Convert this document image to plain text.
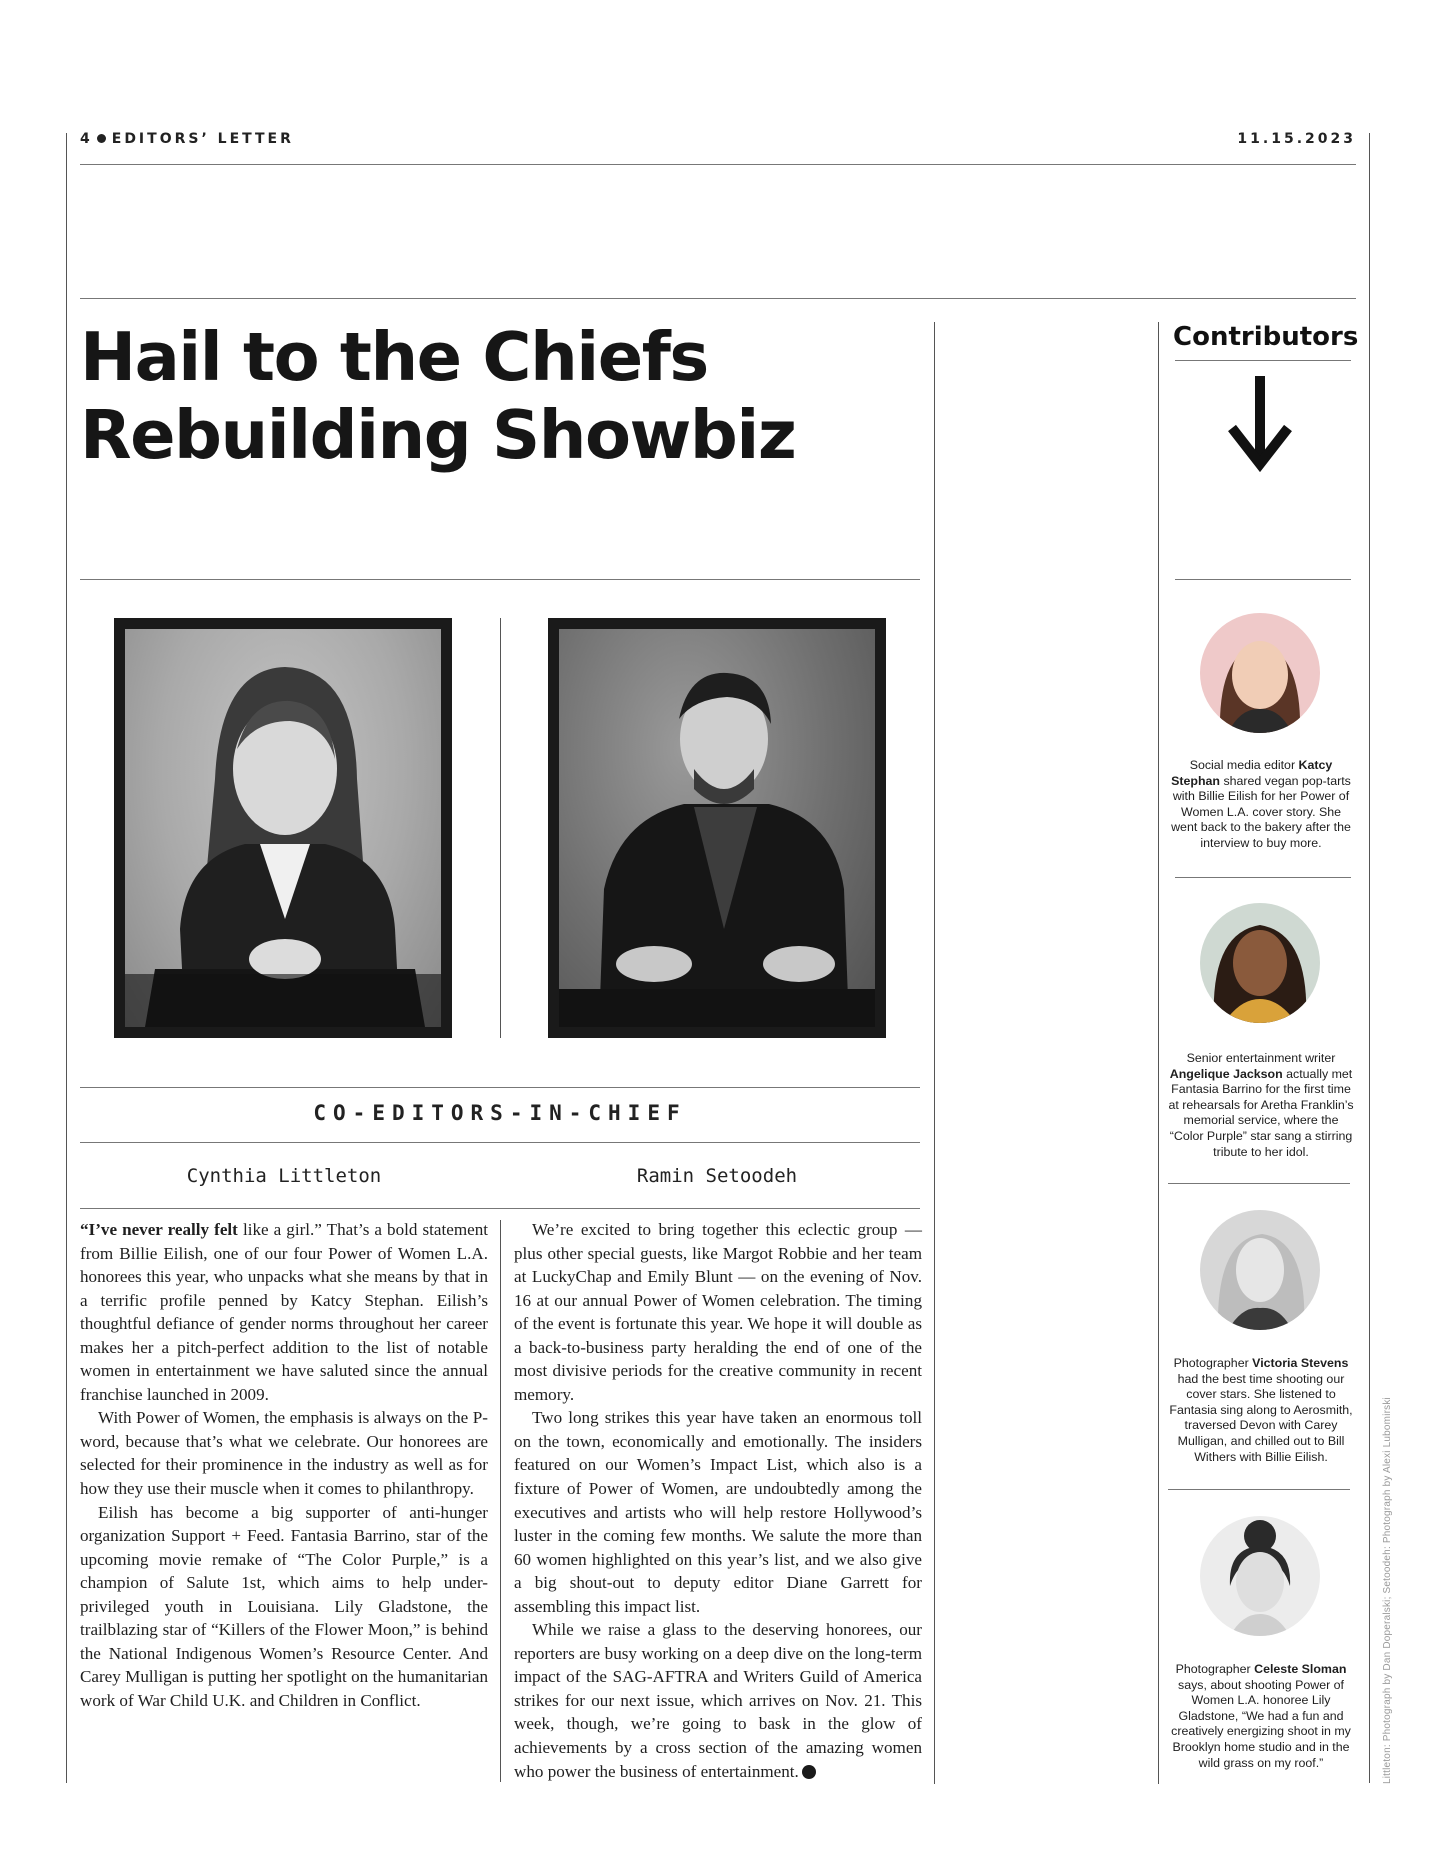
4 EDITORS’ LETTER	11.15.2023
Hail to the Chiefs
Rebuilding Showbiz
CO-EDITORS-IN-CHIEF
Cynthia Littleton	Ramin Setoodeh

“I’ve never really felt like a girl.” That’s a bold statement from Billie Eilish, one of our four Power of Women L.A. honorees this year, who unpacks what she means by that in a terrific profile penned by Katcy Stephan. Eilish’s thoughtful defiance of gender norms throughout her career makes her a pitch-perfect addition to the list of notable women in entertainment we have saluted since the annual franchise launched in 2009.

With Power of Women, the emphasis is always on the P-word, because that’s what we celebrate. Our honorees are selected for their prominence in the industry as well as for how they use their muscle when it comes to philanthropy.

Eilish has become a big supporter of anti-hunger organization Support + Feed. Fantasia Barrino, star of the upcoming movie remake of “The Color Purple,” is a champion of Salute 1st, which aims to help under-privileged youth in Louisiana. Lily Gladstone, the trailblazing star of “Killers of the Flower Moon,” is behind the National Indigenous Women’s Resource Center. And Carey Mulligan is putting her spotlight on the humanitarian work of War Child U.K. and Children in Conflict.

We’re excited to bring together this eclectic group — plus other special guests, like Margot Robbie and her team at LuckyChap and Emily Blunt — on the evening of Nov. 16 at our annual Power of Women celebration. The timing of the event is fortunate this year. We hope it will double as a back-to-business party heralding the end of one of the most divisive periods for the creative community in recent memory.

Two long strikes this year have taken an enormous toll on the town, economically and emotionally. The insiders featured on our Women’s Impact List, which also is a fixture of Power of Women, are undoubtedly among the executives and artists who will help restore Hollywood’s luster in the coming few months. We salute the more than 60 women highlighted on this year’s list, and we also give a big shout-out to deputy editor Diane Garrett for assembling this impact list.

While we raise a glass to the deserving honorees, our reporters are busy working on a deep dive on the long-term impact of the SAG-AFTRA and Writers Guild of America strikes for our next issue, which arrives on Nov. 21. This week, though, we’re going to bask in the glow of achievements by a cross section of the amazing women who power the business of entertainment.

Contributors
Social media editor Katcy Stephan shared vegan pop-tarts with Billie Eilish for her Power of Women L.A. cover story. She went back to the bakery after the interview to buy more.
Senior entertainment writer Angelique Jackson actually met Fantasia Barrino for the first time at rehearsals for Aretha Franklin’s memorial service, where the “Color Purple” star sang a stirring tribute to her idol.
Photographer Victoria Stevens had the best time shooting our cover stars. She listened to Fantasia sing along to Aerosmith, traversed Devon with Carey Mulligan, and chilled out to Bill Withers with Billie Eilish.
Photographer Celeste Sloman says, about shooting Power of Women L.A. honoree Lily Gladstone, “We had a fun and creatively energizing shoot in my Brooklyn home studio and in the wild grass on my roof.”	Littleton: Photograph by Dan Doperalski; Setoodeh: Photograph by Alexi Lubomirski
